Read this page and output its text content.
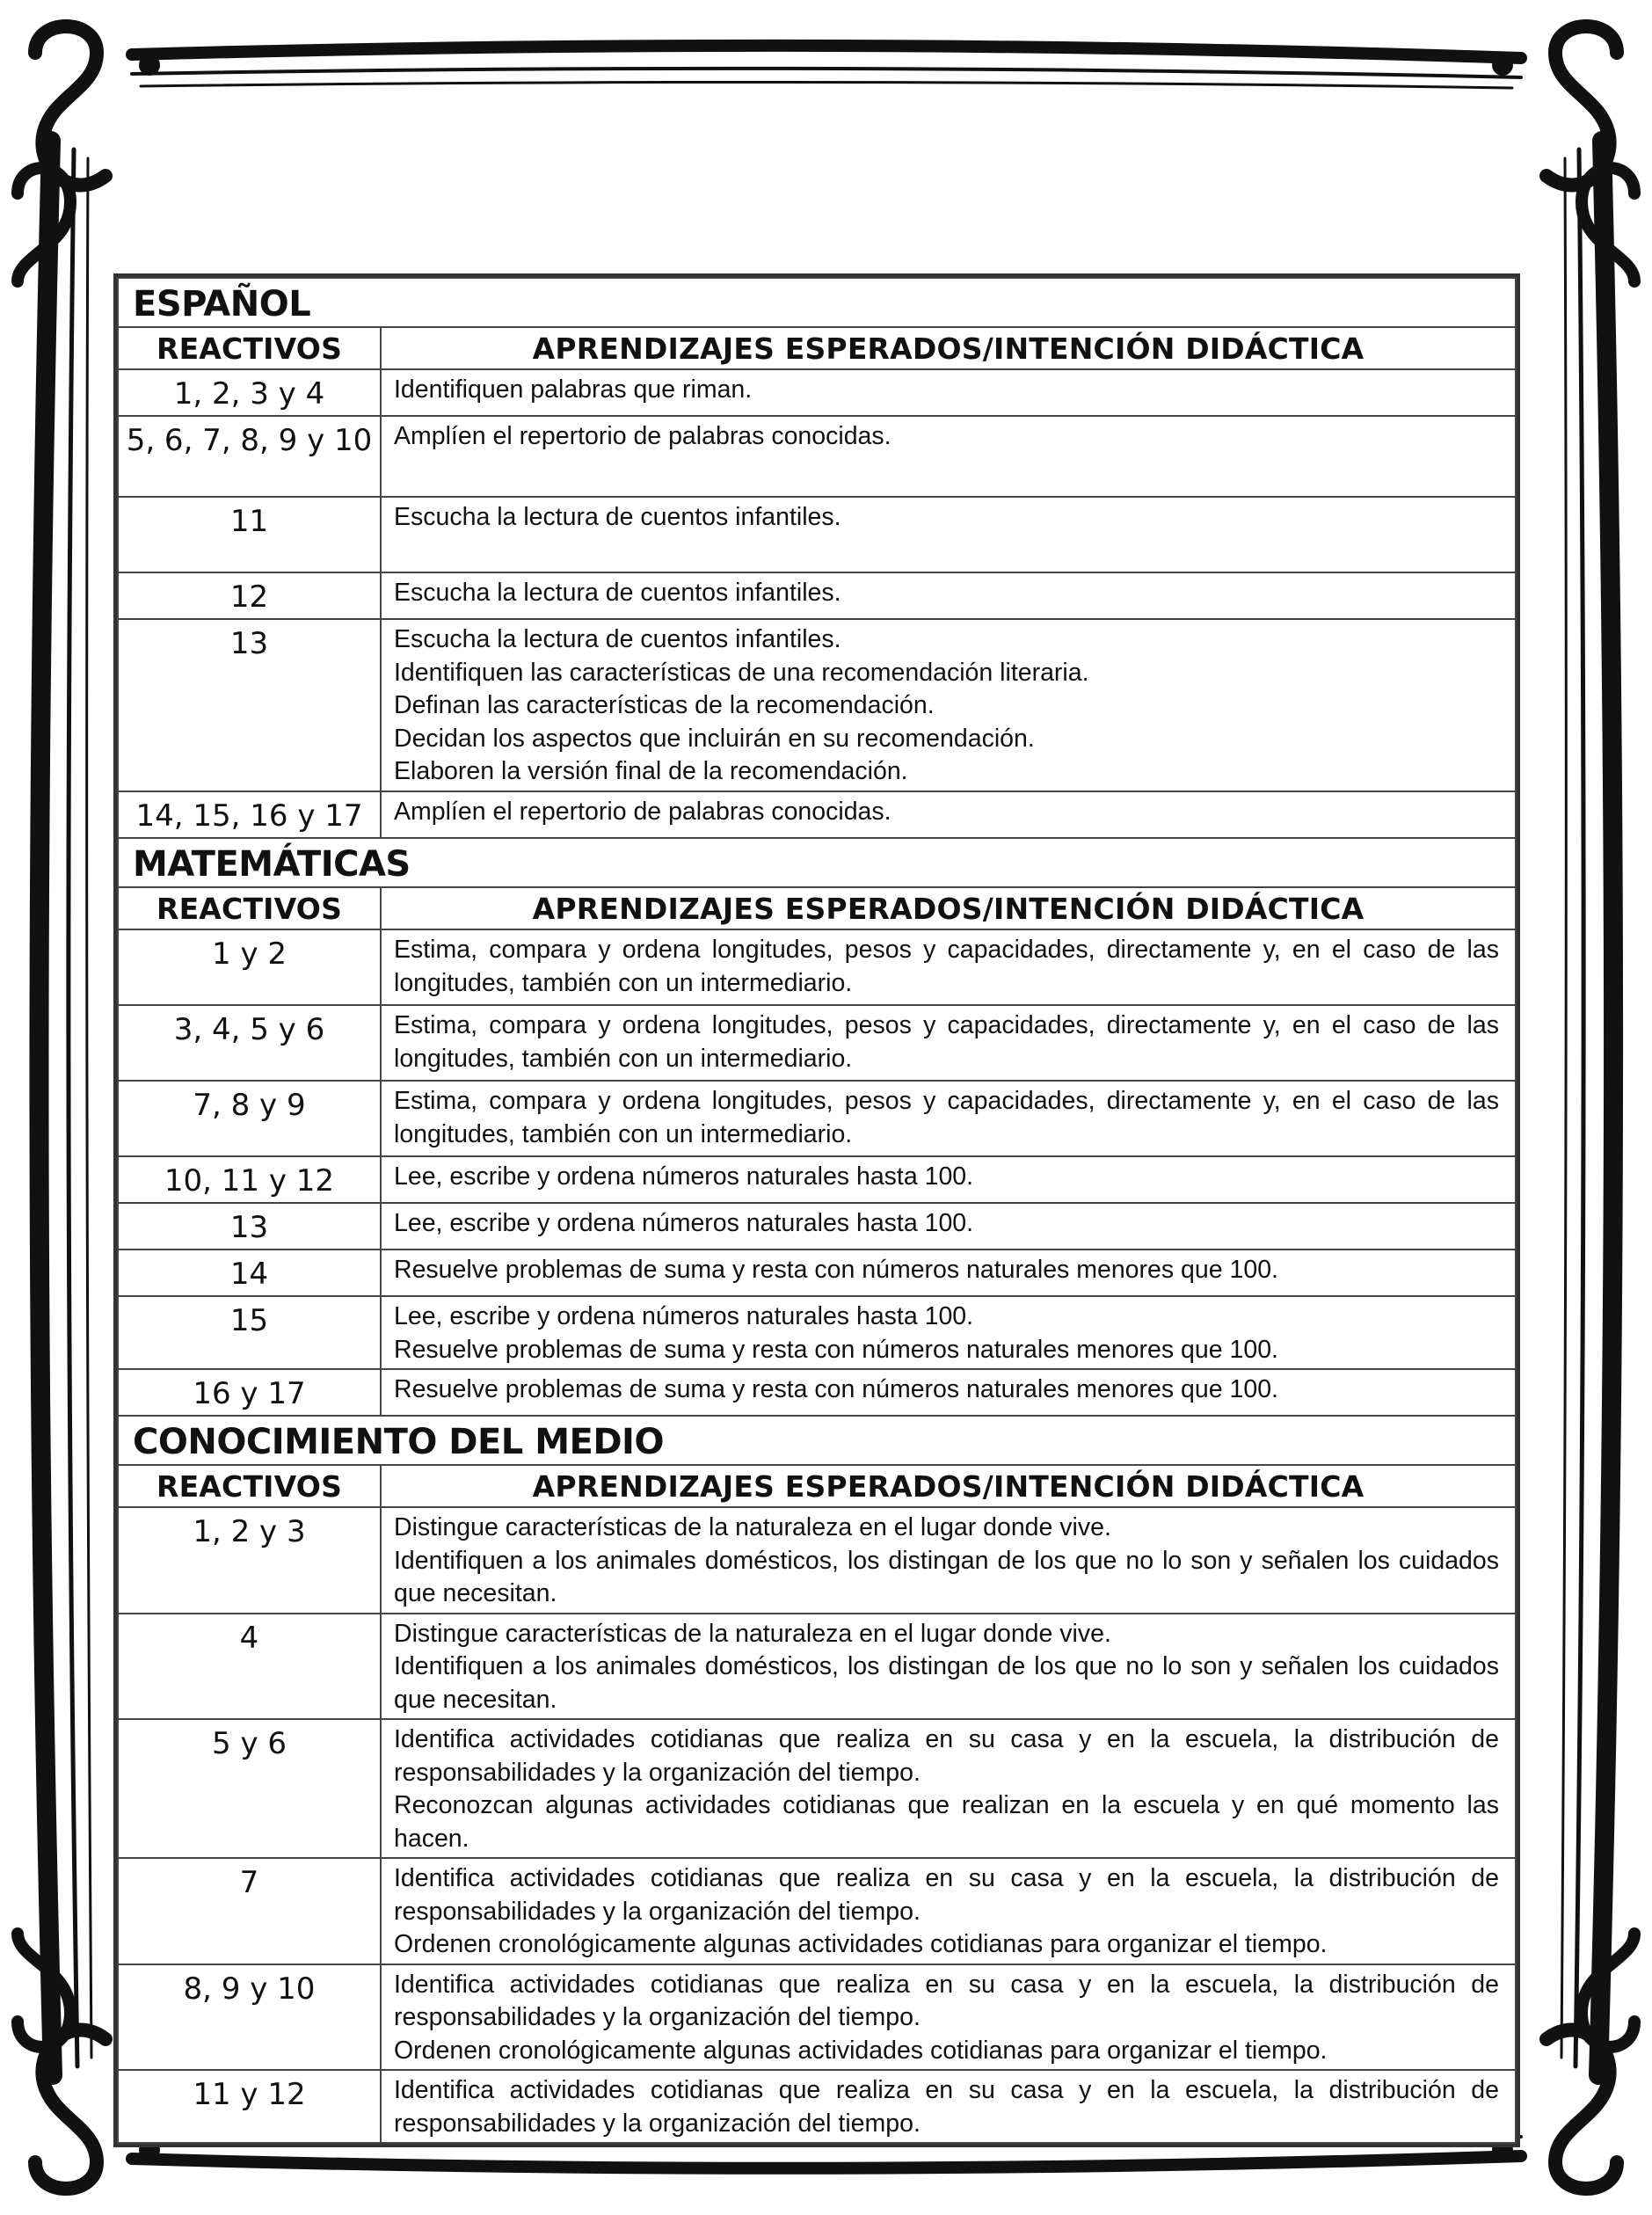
ESPAÑOL	
REACTIVOS	APRENDIZAJES ESPERADOS/INTENCIÓN DIDÁCTICA
1, 2, 3 y 4	Identifiquen palabras que riman.

5, 6, 7, 8, 9 y 10	Amplíen el repertorio de palabras conocidas.

11	Escucha la lectura de cuentos infantiles.

12	Escucha la lectura de cuentos infantiles.

13	Escucha la lectura de cuentos infantiles.
Identifiquen las características de una recomendación literaria.
Definan las características de la recomendación.
Decidan los aspectos que incluirán en su recomendación.
Elaboren la versión final de la recomendación.

14, 15, 16 y 17	Amplíen el repertorio de palabras conocidas.

MATEMÁTICAS	
REACTIVOS	APRENDIZAJES ESPERADOS/INTENCIÓN DIDÁCTICA
1 y 2	Estima, compara y ordena longitudes, pesos y capacidades, directamente y, en el caso de las longitudes, también con un intermediario.

3, 4, 5 y 6	Estima, compara y ordena longitudes, pesos y capacidades, directamente y, en el caso de las longitudes, también con un intermediario.

7, 8 y 9	Estima, compara y ordena longitudes, pesos y capacidades, directamente y, en el caso de las longitudes, también con un intermediario.

10, 11 y 12	Lee, escribe y ordena números naturales hasta 100.

13	Lee, escribe y ordena números naturales hasta 100.

14	Resuelve problemas de suma y resta con números naturales menores que 100.

15	Lee, escribe y ordena números naturales hasta 100.
Resuelve problemas de suma y resta con números naturales menores que 100.

16 y 17	Resuelve problemas de suma y resta con números naturales menores que 100.

CONOCIMIENTO DEL MEDIO	
REACTIVOS	APRENDIZAJES ESPERADOS/INTENCIÓN DIDÁCTICA
1, 2 y 3	Distingue características de la naturaleza en el lugar donde vive.
Identifiquen a los animales domésticos, los distingan de los que no lo son y señalen los cuidados que necesitan.

4	Distingue características de la naturaleza en el lugar donde vive.
Identifiquen a los animales domésticos, los distingan de los que no lo son y señalen los cuidados que necesitan.

5 y 6	Identifica actividades cotidianas que realiza en su casa y en la escuela, la distribución de responsabilidades y la organización del tiempo.
Reconozcan algunas actividades cotidianas que realizan en la escuela y en qué momento las hacen.

7	Identifica actividades cotidianas que realiza en su casa y en la escuela, la distribución de responsabilidades y la organización del tiempo.
Ordenen cronológicamente algunas actividades cotidianas para organizar el tiempo.

8, 9 y 10	Identifica actividades cotidianas que realiza en su casa y en la escuela, la distribución de responsabilidades y la organización del tiempo.
Ordenen cronológicamente algunas actividades cotidianas para organizar el tiempo.

11 y 12	Identifica actividades cotidianas que realiza en su casa y en la escuela, la distribución de responsabilidades y la organización del tiempo.
